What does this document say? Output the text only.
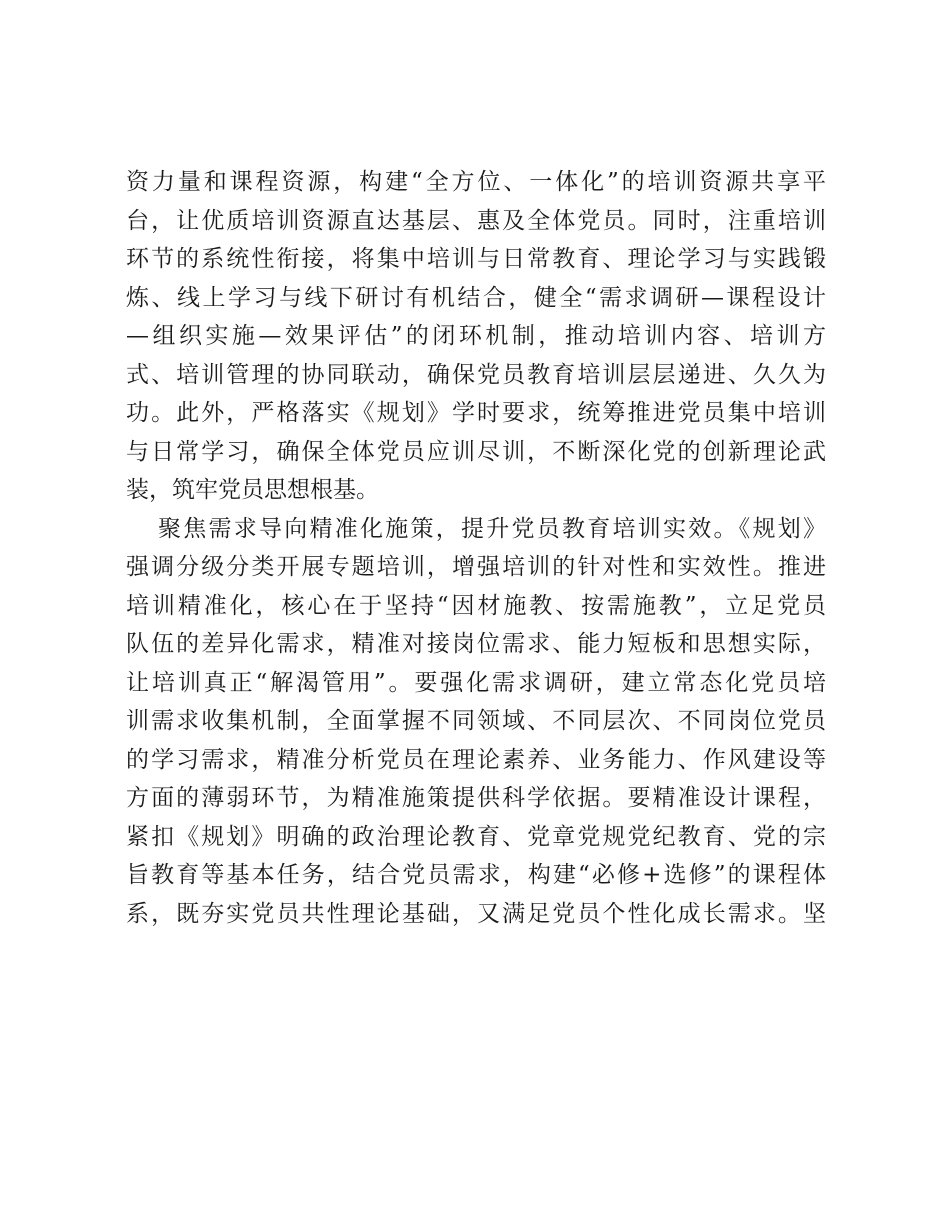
资力量和课程资源，构建“全方位、一体化”的培训资源共享平
台，让优质培训资源直达基层、惠及全体党员。同时，注重培训
环节的系统性衔接，将集中培训与日常教育、理论学习与实践锻
炼、线上学习与线下研讨有机结合，健全“需求调研—课程设计
—组织实施—效果评估”的闭环机制，推动培训内容、培训方
式、培训管理的协同联动，确保党员教育培训层层递进、久久为
功。此外，严格落实《规划》学时要求，统筹推进党员集中培训
与日常学习，确保全体党员应训尽训，不断深化党的创新理论武
装，筑牢党员思想根基。
聚焦需求导向精准化施策，提升党员教育培训实效。《规划》
强调分级分类开展专题培训，增强培训的针对性和实效性。推进
培训精准化，核心在于坚持“因材施教、按需施教”，立足党员
队伍的差异化需求，精准对接岗位需求、能力短板和思想实际，
让培训真正“解渴管用”。要强化需求调研，建立常态化党员培
训需求收集机制，全面掌握不同领域、不同层次、不同岗位党员
的学习需求，精准分析党员在理论素养、业务能力、作风建设等
方面的薄弱环节，为精准施策提供科学依据。要精准设计课程，
紧扣《规划》明确的政治理论教育、党章党规党纪教育、党的宗
旨教育等基本任务，结合党员需求，构建“必修+选修”的课程体
系，既夯实党员共性理论基础，又满足党员个性化成长需求。坚
